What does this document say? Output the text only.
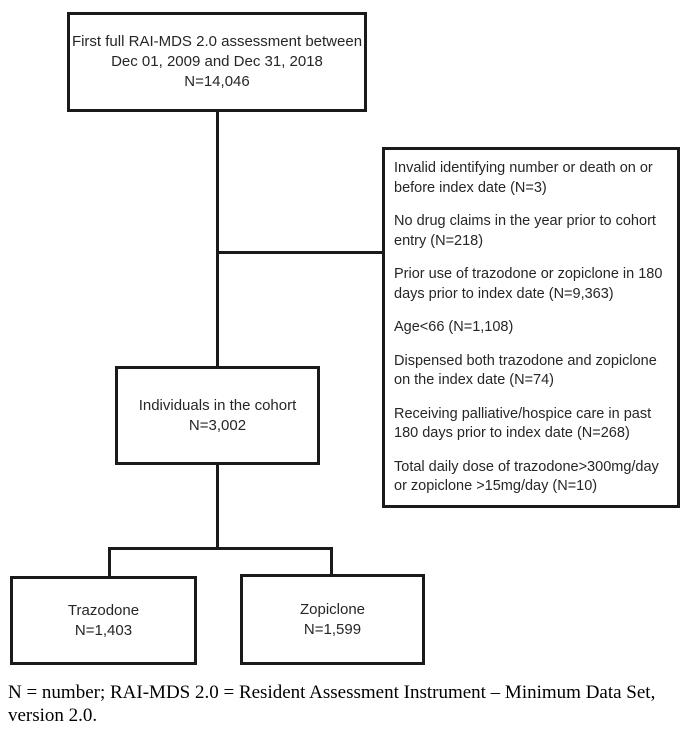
First full RAI-MDS 2.0 assessment between
Dec 01, 2009 and Dec 31, 2018
N=14,046

Invalid identifying number or death on or before index date (N=3)

No drug claims in the year prior to cohort entry (N=218)

Prior use of trazodone or zopiclone in 180 days prior to index date (N=9,363)

Age<66 (N=1,108)

Dispensed both trazodone and zopiclone on the index date (N=74)

Receiving palliative/hospice care in past 180 days prior to index date (N=268)

Total daily dose of trazodone>300mg/day or zopiclone >15mg/day (N=10)

Individuals in the cohort
N=3,002
Trazodone
N=1,403
Zopiclone
N=1,599
N = number; RAI-MDS 2.0 = Resident Assessment Instrument – Minimum Data Set, version 2.0.
